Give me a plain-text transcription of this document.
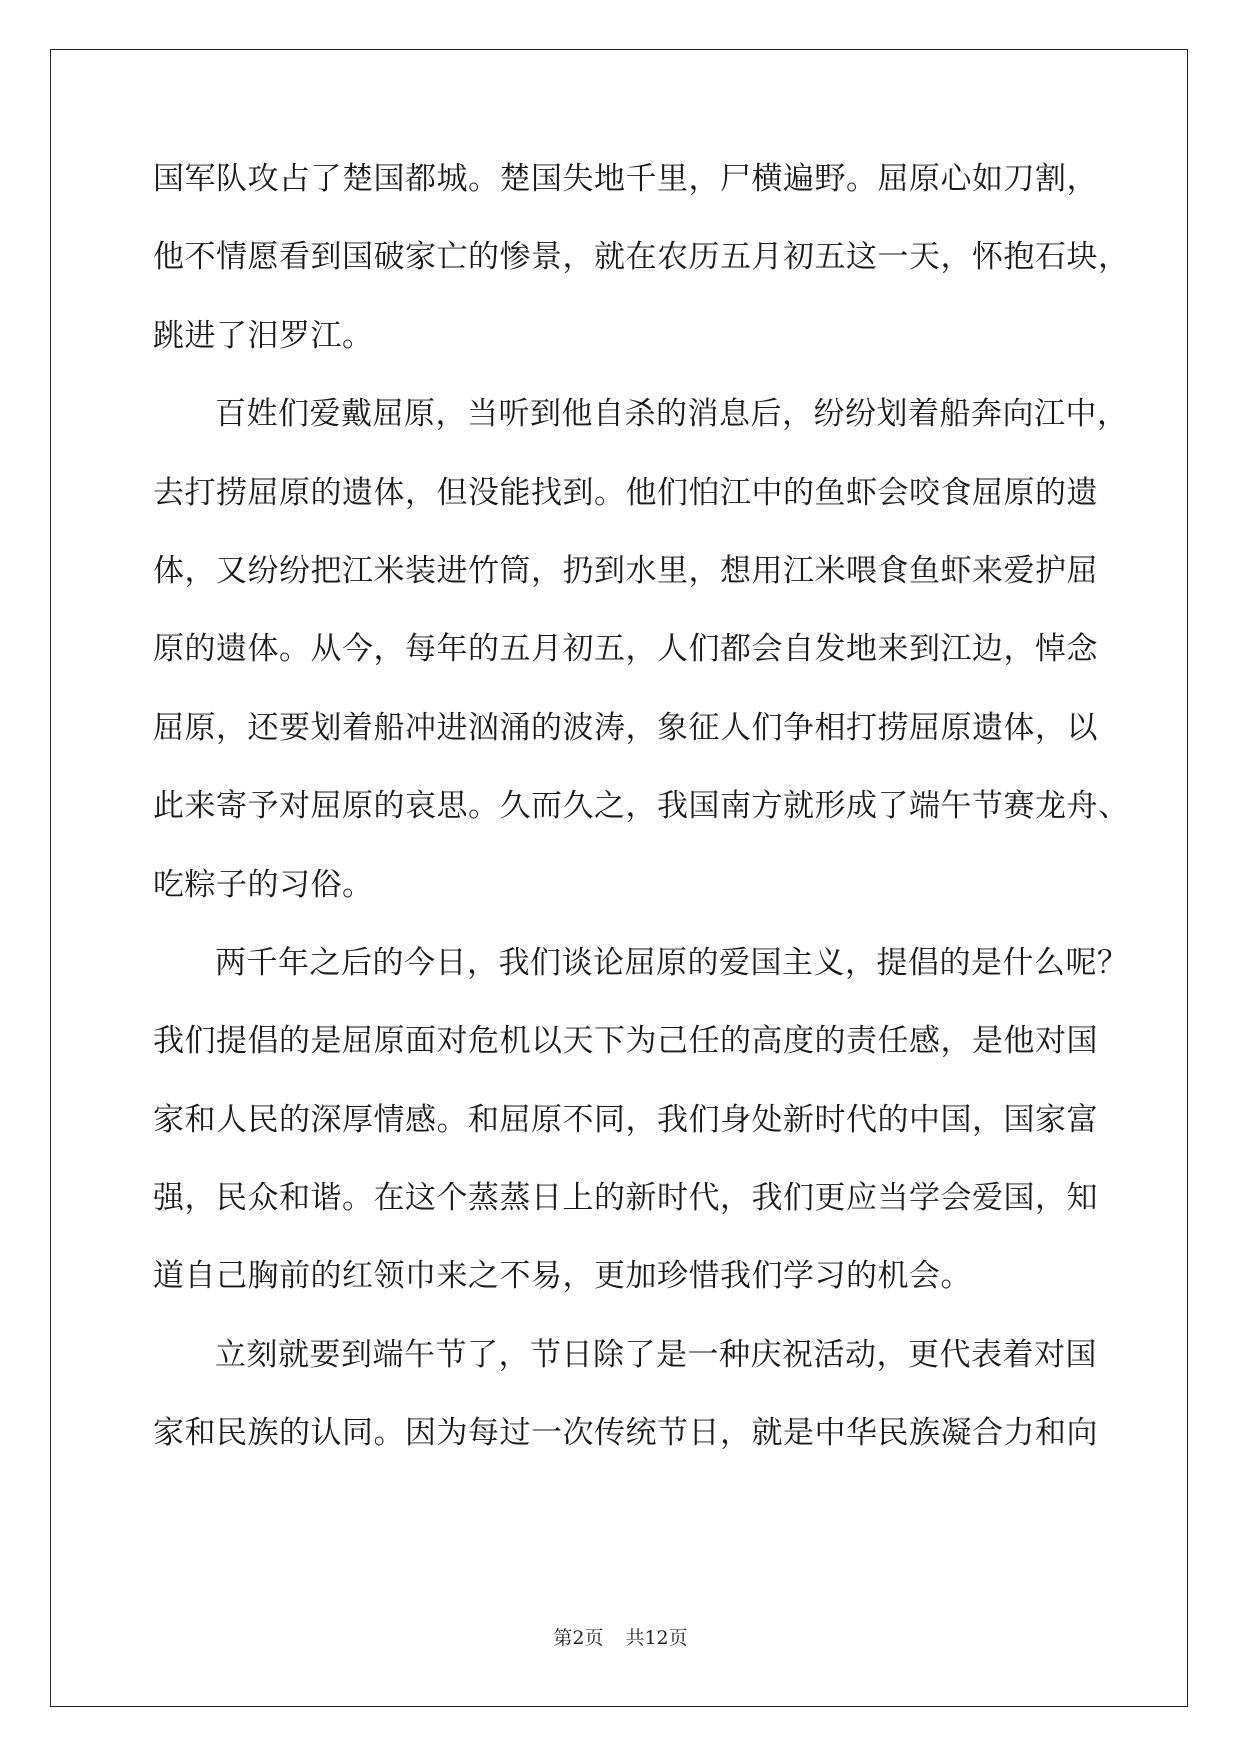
国军队攻占了楚国都城。楚国失地千里，尸横遍野。屈原心如刀割，
他不情愿看到国破家亡的惨景，就在农历五月初五这一天，怀抱石块，
跳进了汨罗江。
百姓们爱戴屈原，当听到他自杀的消息后，纷纷划着船奔向江中，
去打捞屈原的遗体，但没能找到。他们怕江中的鱼虾会咬食屈原的遗
体，又纷纷把江米装进竹筒，扔到水里，想用江米喂食鱼虾来爱护屈
原的遗体。从今，每年的五月初五，人们都会自发地来到江边，悼念
屈原，还要划着船冲进汹涌的波涛，象征人们争相打捞屈原遗体，以
此来寄予对屈原的哀思。久而久之，我国南方就形成了端午节赛龙舟、
吃粽子的习俗。
两千年之后的今日，我们谈论屈原的爱国主义，提倡的是什么呢？
我们提倡的是屈原面对危机以天下为己任的高度的责任感，是他对国
家和人民的深厚情感。和屈原不同，我们身处新时代的中国，国家富
强，民众和谐。在这个蒸蒸日上的新时代，我们更应当学会爱国，知
道自己胸前的红领巾来之不易，更加珍惜我们学习的机会。
立刻就要到端午节了，节日除了是一种庆祝活动，更代表着对国
家和民族的认同。因为每过一次传统节日，就是中华民族凝合力和向
第2页 共12页
